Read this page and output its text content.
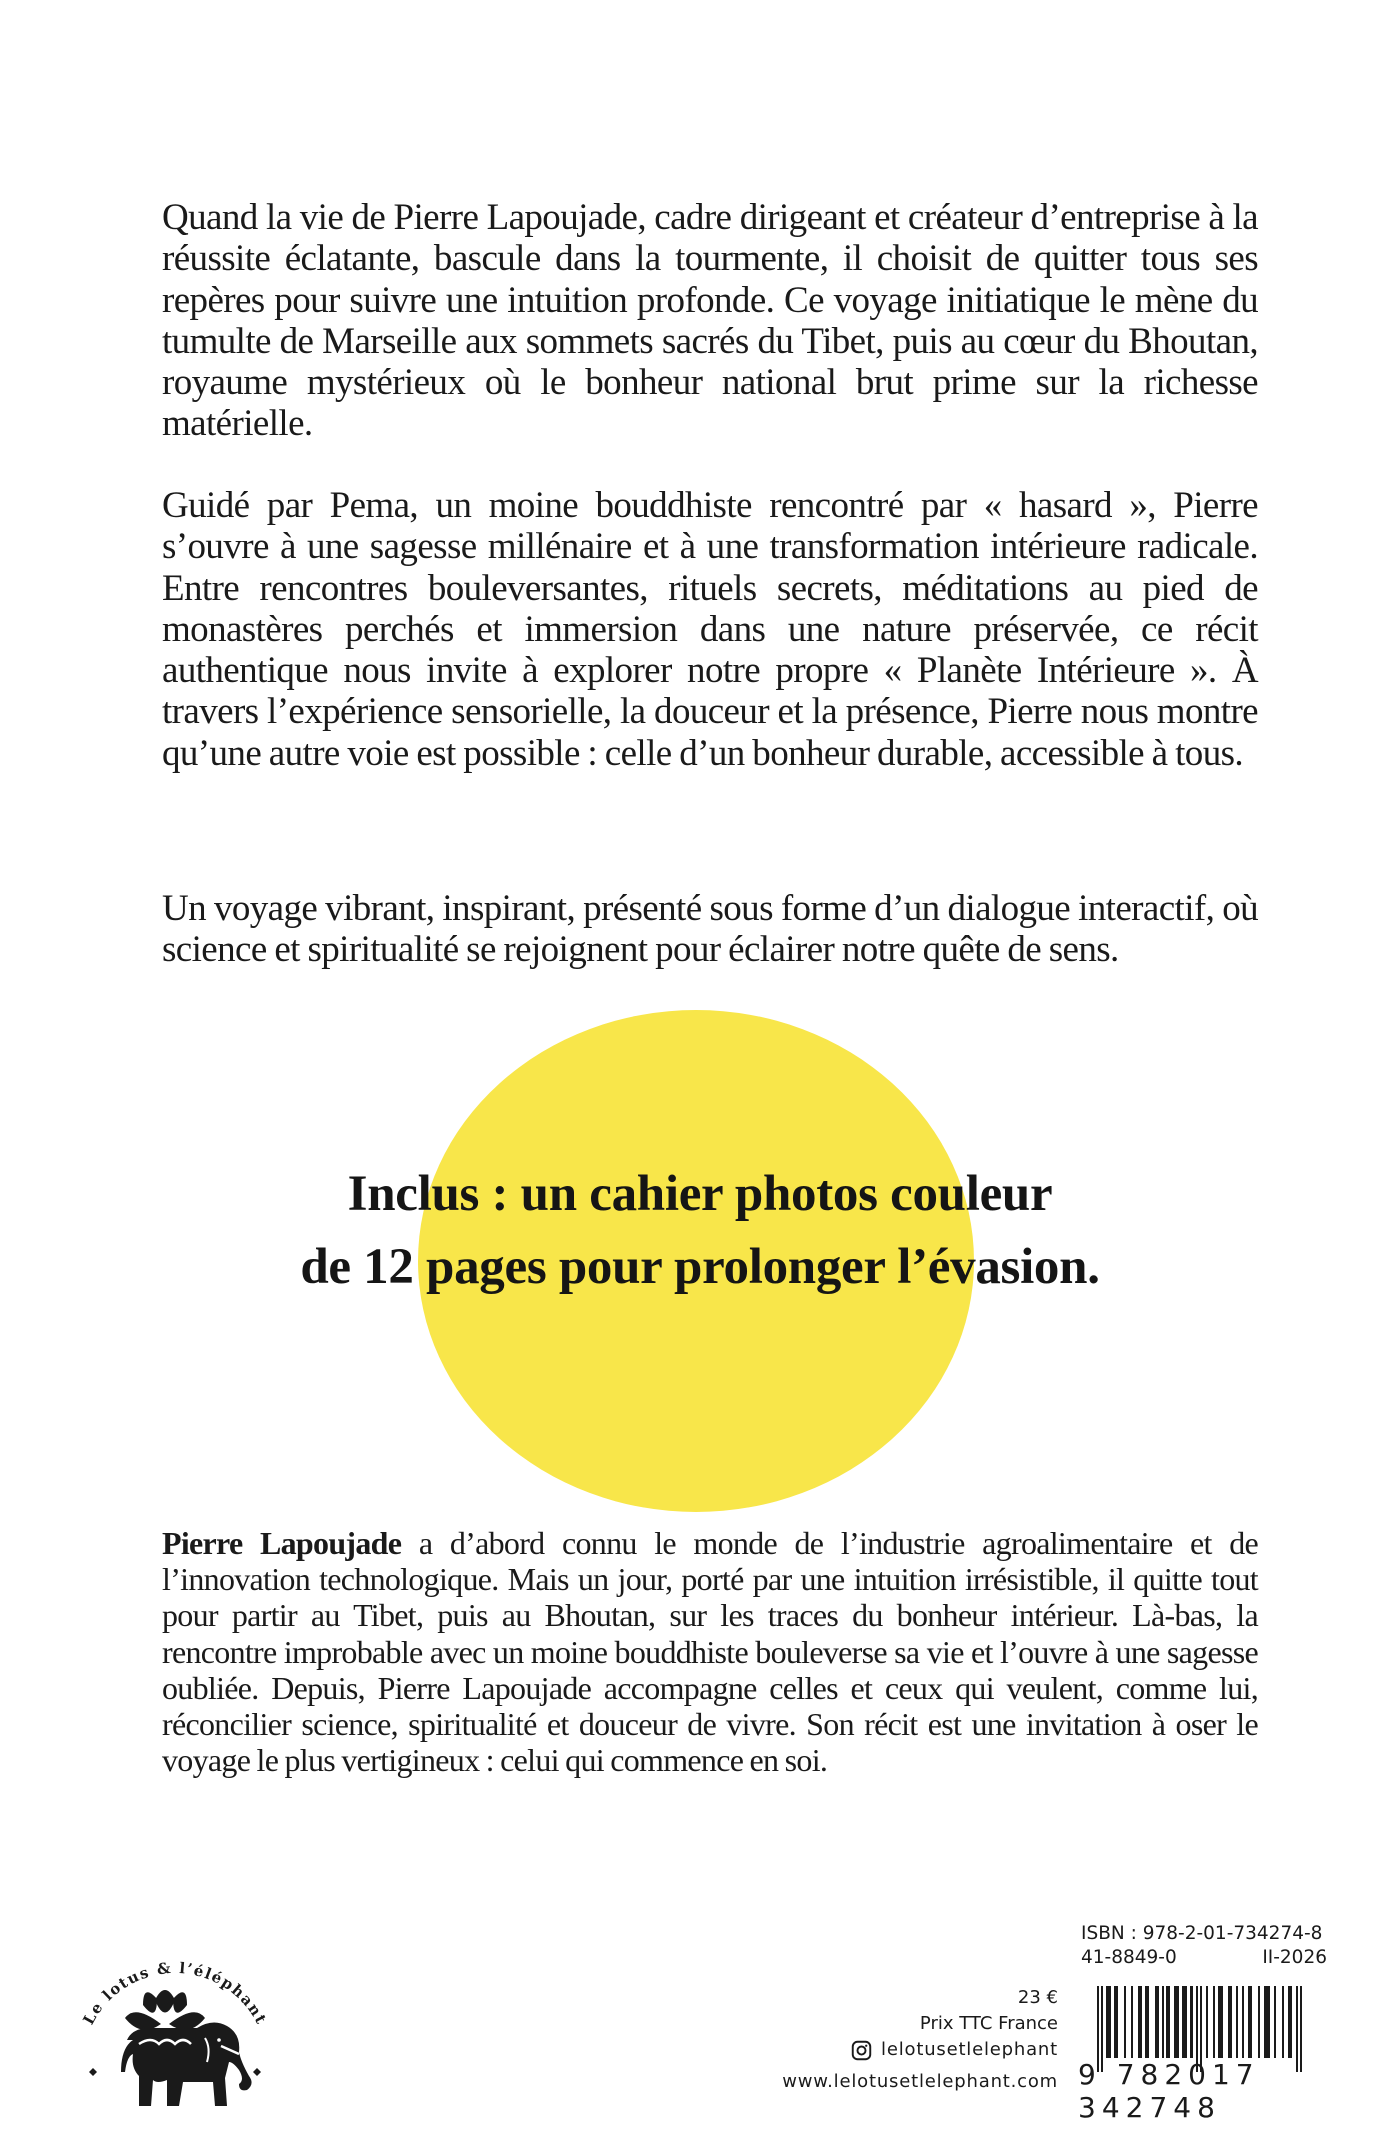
Quand la vie de Pierre Lapoujade, cadre dirigeant et créateur d’entreprise à la réussite éclatante, bascule dans la tourmente, il choisit de quitter tous ses repères pour suivre une intuition profonde. Ce voyage initiatique le mène du tumulte de Marseille aux sommets sacrés du Tibet, puis au cœur du Bhoutan, royaume mystérieux où le bonheur national brut prime sur la richesse matérielle.

Guidé par Pema, un moine bouddhiste rencontré par « hasard », Pierre s’ouvre à une sagesse millénaire et à une transformation intérieure radicale. Entre rencontres bouleversantes, rituels secrets, méditations au pied de monastères perchés et immersion dans une nature préservée, ce récit authentique nous invite à explorer notre propre « Planète Intérieure ». À travers l’expérience sensorielle, la douceur et la présence, Pierre nous montre qu’une autre voie est possible : celle d’un bonheur durable, accessible à tous.

Un voyage vibrant, inspirant, présenté sous forme d’un dialogue interactif, où science et spiritualité se rejoignent pour éclairer notre quête de sens.

Inclus : un cahier photos couleur
de 12 pages pour prolonger l’évasion.

Pierre Lapoujade a d’abord connu le monde de l’industrie agroalimentaire et de l’innovation technologique. Mais un jour, porté par une intuition irrésistible, il quitte tout pour partir au Tibet, puis au Bhoutan, sur les traces du bonheur intérieur. Là-bas, la rencontre improbable avec un moine bouddhiste bouleverse sa vie et l’ouvre à une sagesse oubliée. Depuis, Pierre Lapoujade accompagne celles et ceux qui veulent, comme lui, réconcilier science, spiritualité et douceur de vivre. Son récit est une invitation à oser le voyage le plus vertigineux : celui qui commence en soi.

Le lotus & l’éléphant
23 €
Prix TTC France
lelotusetlelephant
www.lelotusetlelephant.com
ISBN : 978-2-01-734274-8
41-8849-0	II-2026
9 782017 342748
